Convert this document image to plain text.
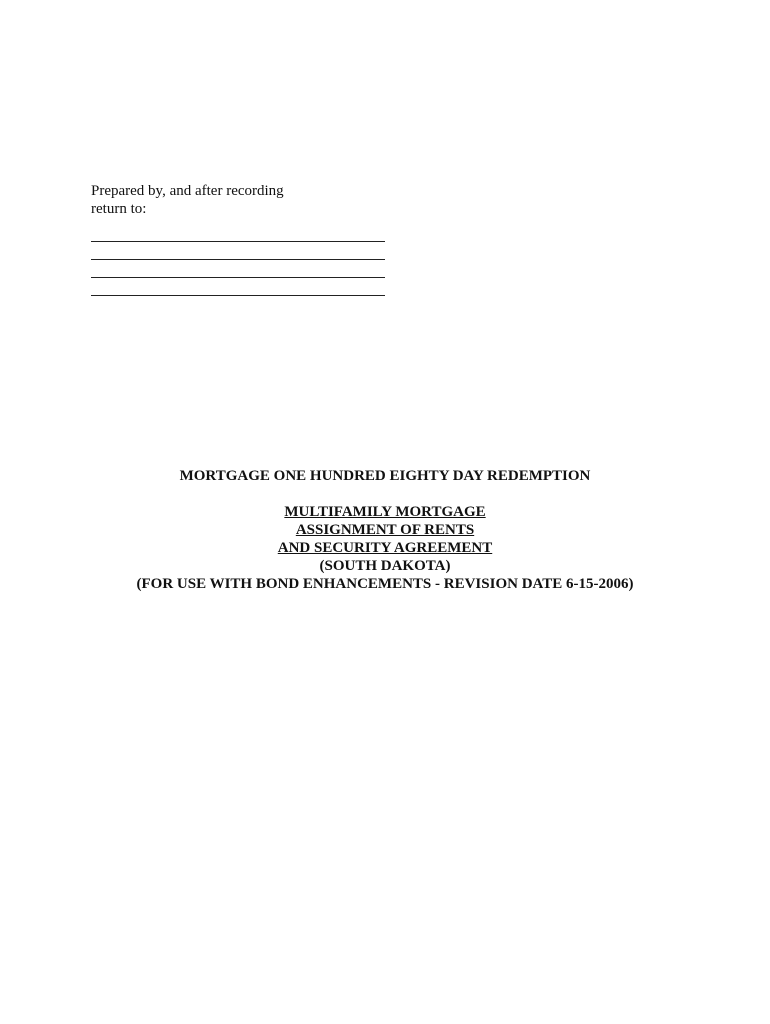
Prepared by, and after recording
return to:
MORTGAGE ONE HUNDRED EIGHTY DAY REDEMPTION
MULTIFAMILY MORTGAGE
ASSIGNMENT OF RENTS
AND SECURITY AGREEMENT
(SOUTH DAKOTA)
(FOR USE WITH BOND ENHANCEMENTS - REVISION DATE 6-15-2006)
